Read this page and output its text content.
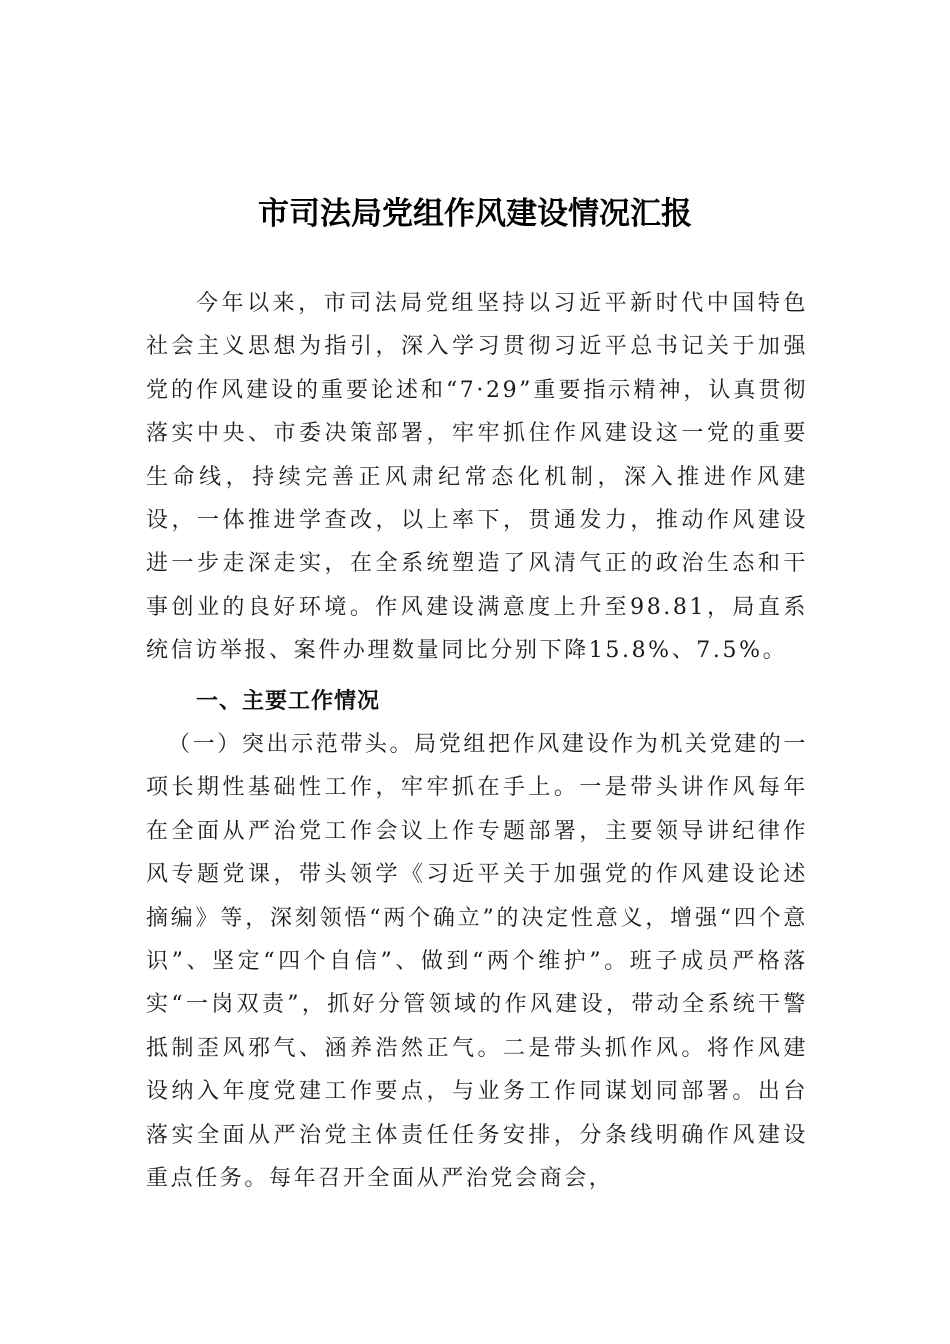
市司法局党组作风建设情况汇报

今年以来，市司法局党组坚持以习近平新时代中国特色社会主义思想为指引，深入学习贯彻习近平总书记关于加强党的作风建设的重要论述和“7·29”重要指示精神，认真贯彻落实中央、市委决策部署，牢牢抓住作风建设这一党的重要生命线，持续完善正风肃纪常态化机制，深入推进作风建设，一体推进学查改，以上率下，贯通发力，推动作风建设进一步走深走实，在全系统塑造了风清气正的政治生态和干事创业的良好环境。作风建设满意度上升至98.81，局直系统信访举报、案件办理数量同比分别下降15.8%、7.5%。

一、主要工作情况

（一）突出示范带头。局党组把作风建设作为机关党建的一项长期性基础性工作，牢牢抓在手上。一是带头讲作风每年在全面从严治党工作会议上作专题部署，主要领导讲纪律作风专题党课，带头领学《习近平关于加强党的作风建设论述摘编》等，深刻领悟“两个确立”的决定性意义，增强“四个意识”、坚定“四个自信”、做到“两个维护”。班子成员严格落实“一岗双责”，抓好分管领域的作风建设，带动全系统干警抵制歪风邪气、涵养浩然正气。二是带头抓作风。将作风建设纳入年度党建工作要点，与业务工作同谋划同部署。出台落实全面从严治党主体责任任务安排，分条线明确作风建设重点任务。每年召开全面从严治党会商会，
